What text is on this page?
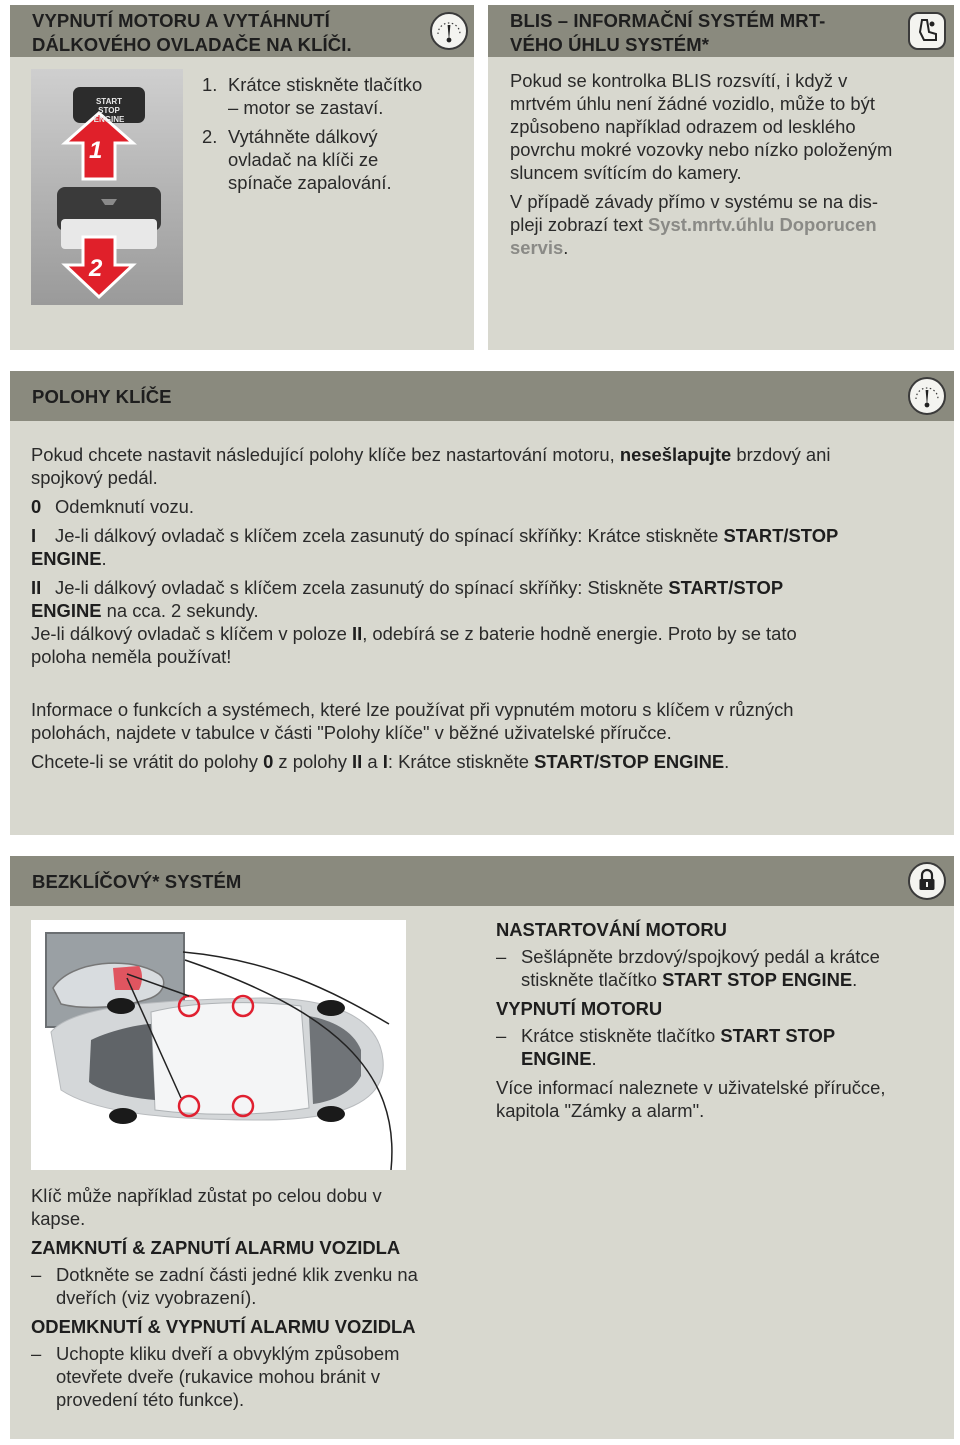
VYPNUTÍ MOTORU A VYTÁHNUTÍ
DÁLKOVÉHO OVLADAČE NA KLÍČI.
START
STOP
ENGINE
1
2
1. Krátce stiskněte tlačítko
– motor se zastaví.
2. Vytáhněte dálkový
ovladač na klíči ze
spínače zapalování.
BLIS – INFORMAČNÍ SYSTÉM MRT-
VÉHO ÚHLU SYSTÉM*
Pokud se kontrolka BLIS rozsvítí, i když v
mrtvém úhlu není žádné vozidlo, může to být
způsobeno například odrazem od lesklého
povrchu mokré vozovky nebo nízko položeným
sluncem svítícím do kamery.
V případě závady přímo v systému se na dis-
pleji zobrazí text Syst.mrtv.úhlu Doporucen
servis.
POLOHY KLÍČE
Pokud chcete nastavit následující polohy klíče bez nastartování motoru, nesešlapujte brzdový ani
spojkový pedál.
0 Odemknutí vozu.
I Je-li dálkový ovladač s klíčem zcela zasunutý do spínací skříňky: Krátce stiskněte START/STOP
ENGINE.
II Je-li dálkový ovladač s klíčem zcela zasunutý do spínací skříňky: Stiskněte START/STOP
ENGINE na cca. 2 sekundy.
Je-li dálkový ovladač s klíčem v poloze II, odebírá se z baterie hodně energie. Proto by se tato
poloha neměla používat!
Informace o funkcích a systémech, které lze používat při vypnutém motoru s klíčem v různých
polohách, najdete v tabulce v části "Polohy klíče" v běžné uživatelské příručce.
Chcete-li se vrátit do polohy 0 z polohy II a I: Krátce stiskněte START/STOP ENGINE.
BEZKLÍČOVÝ* SYSTÉM
NASTARTOVÁNÍ MOTORU
– Sešlápněte brzdový/spojkový pedál a krátce
stiskněte tlačítko START STOP ENGINE.
VYPNUTÍ MOTORU
– Krátce stiskněte tlačítko START STOP
ENGINE.
Více informací naleznete v uživatelské příručce,
kapitola "Zámky a alarm".
Klíč může například zůstat po celou dobu v
kapse.
ZAMKNUTÍ & ZAPNUTÍ ALARMU VOZIDLA
– Dotkněte se zadní části jedné klik zvenku na
dveřích (viz vyobrazení).
ODEMKNUTÍ & VYPNUTÍ ALARMU VOZIDLA
– Uchopte kliku dveří a obvyklým způsobem
otevřete dveře (rukavice mohou bránit v
provedení této funkce).
